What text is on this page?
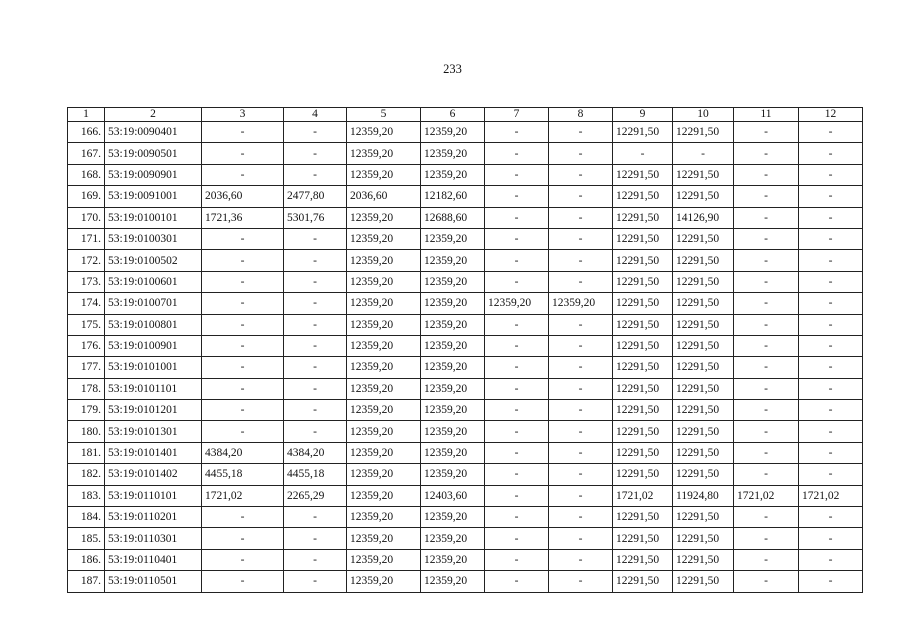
233
1	2	3	4	5	6	7	8	9	10	11	12
166.	53:19:0090401	-	-	12359,20	12359,20	-	-	12291,50	12291,50	-	-
167.	53:19:0090501	-	-	12359,20	12359,20	-	-	-	-	-	-
168.	53:19:0090901	-	-	12359,20	12359,20	-	-	12291,50	12291,50	-	-
169.	53:19:0091001	2036,60	2477,80	2036,60	12182,60	-	-	12291,50	12291,50	-	-
170.	53:19:0100101	1721,36	5301,76	12359,20	12688,60	-	-	12291,50	14126,90	-	-
171.	53:19:0100301	-	-	12359,20	12359,20	-	-	12291,50	12291,50	-	-
172.	53:19:0100502	-	-	12359,20	12359,20	-	-	12291,50	12291,50	-	-
173.	53:19:0100601	-	-	12359,20	12359,20	-	-	12291,50	12291,50	-	-
174.	53:19:0100701	-	-	12359,20	12359,20	12359,20	12359,20	12291,50	12291,50	-	-
175.	53:19:0100801	-	-	12359,20	12359,20	-	-	12291,50	12291,50	-	-
176.	53:19:0100901	-	-	12359,20	12359,20	-	-	12291,50	12291,50	-	-
177.	53:19:0101001	-	-	12359,20	12359,20	-	-	12291,50	12291,50	-	-
178.	53:19:0101101	-	-	12359,20	12359,20	-	-	12291,50	12291,50	-	-
179.	53:19:0101201	-	-	12359,20	12359,20	-	-	12291,50	12291,50	-	-
180.	53:19:0101301	-	-	12359,20	12359,20	-	-	12291,50	12291,50	-	-
181.	53:19:0101401	4384,20	4384,20	12359,20	12359,20	-	-	12291,50	12291,50	-	-
182.	53:19:0101402	4455,18	4455,18	12359,20	12359,20	-	-	12291,50	12291,50	-	-
183.	53:19:0110101	1721,02	2265,29	12359,20	12403,60	-	-	1721,02	11924,80	1721,02	1721,02
184.	53:19:0110201	-	-	12359,20	12359,20	-	-	12291,50	12291,50	-	-
185.	53:19:0110301	-	-	12359,20	12359,20	-	-	12291,50	12291,50	-	-
186.	53:19:0110401	-	-	12359,20	12359,20	-	-	12291,50	12291,50	-	-
187.	53:19:0110501	-	-	12359,20	12359,20	-	-	12291,50	12291,50	-	-
